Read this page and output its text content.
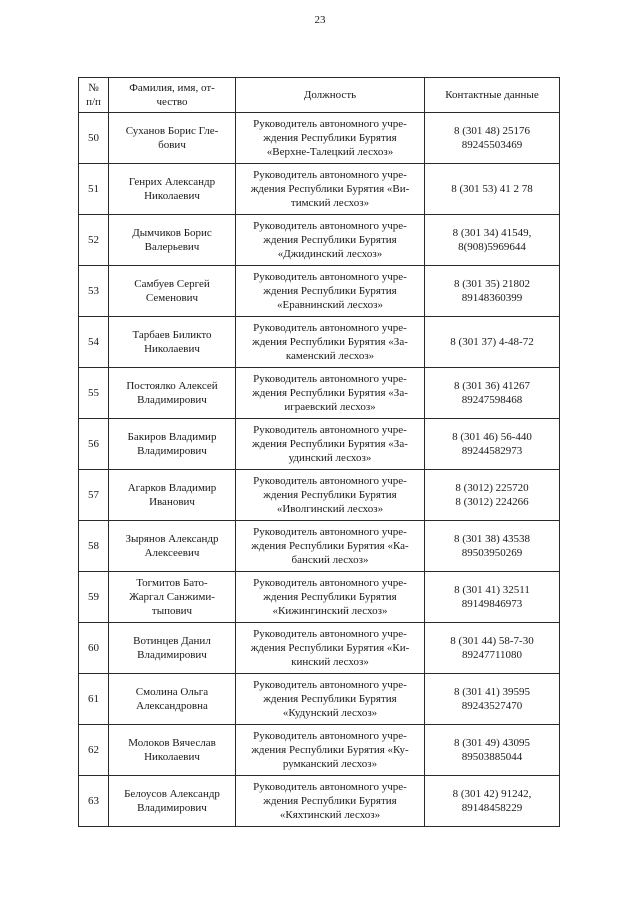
23
№
п/п	Фамилия, имя, от-
чество	Должность	Контактные данные

50	Суханов Борис Гле-
бович	Руководитель автономного учре-
ждения Республики Бурятия
«Верхне-Талецкий лесхоз»	8 (301 48) 25176
89245503469

51	Генрих Александр
Николаевич	Руководитель автономного учре-
ждения Республики Бурятия «Ви-
тимский лесхоз»	8 (301 53) 41 2 78

52	Дымчиков Борис
Валерьевич	Руководитель автономного учре-
ждения Республики Бурятия
«Джидинский лесхоз»	8 (301 34) 41549,
8(908)5969644

53	Самбуев Сергей
Семенович	Руководитель автономного учре-
ждения Республики Бурятия
«Еравнинский лесхоз»	8 (301 35) 21802
89148360399

54	Тарбаев Биликто
Николаевич	Руководитель автономного учре-
ждения Республики Бурятия «За-
каменский лесхоз»	8 (301 37) 4-48-72

55	Постоялко Алексей
Владимирович	Руководитель автономного учре-
ждения Республики Бурятия «За-
играевский лесхоз»	8 (301 36) 41267
89247598468

56	Бакиров Владимир
Владимирович	Руководитель автономного учре-
ждения Республики Бурятия «За-
удинский лесхоз»	8 (301 46) 56-440
89244582973

57	Агарков Владимир
Иванович	Руководитель автономного учре-
ждения Республики Бурятия
«Иволгинский лесхоз»	8 (3012) 225720
8 (3012) 224266

58	Зырянов Александр
Алексеевич	Руководитель автономного учре-
ждения Республики Бурятия «Ка-
банский лесхоз»	8 (301 38) 43538
89503950269

59	Тогмитов Бато-
Жаргал Санжими-
тыпович	Руководитель автономного учре-
ждения Республики Бурятия
«Кижингинский лесхоз»	8 (301 41) 32511
89149846973

60	Вотинцев Данил
Владимирович	Руководитель автономного учре-
ждения Республики Бурятия «Ки-
кинский лесхоз»	8 (301 44) 58-7-30
89247711080

61	Смолина Ольга
Александровна	Руководитель автономного учре-
ждения Республики Бурятия
«Кудунский лесхоз»	8 (301 41) 39595
89243527470

62	Молоков Вячеслав
Николаевич	Руководитель автономного учре-
ждения Республики Бурятия «Ку-
румканский лесхоз»	8 (301 49) 43095
89503885044

63	Белоусов Александр
Владимирович	Руководитель автономного учре-
ждения Республики Бурятия
«Кяхтинский лесхоз»	8 (301 42) 91242,
89148458229
